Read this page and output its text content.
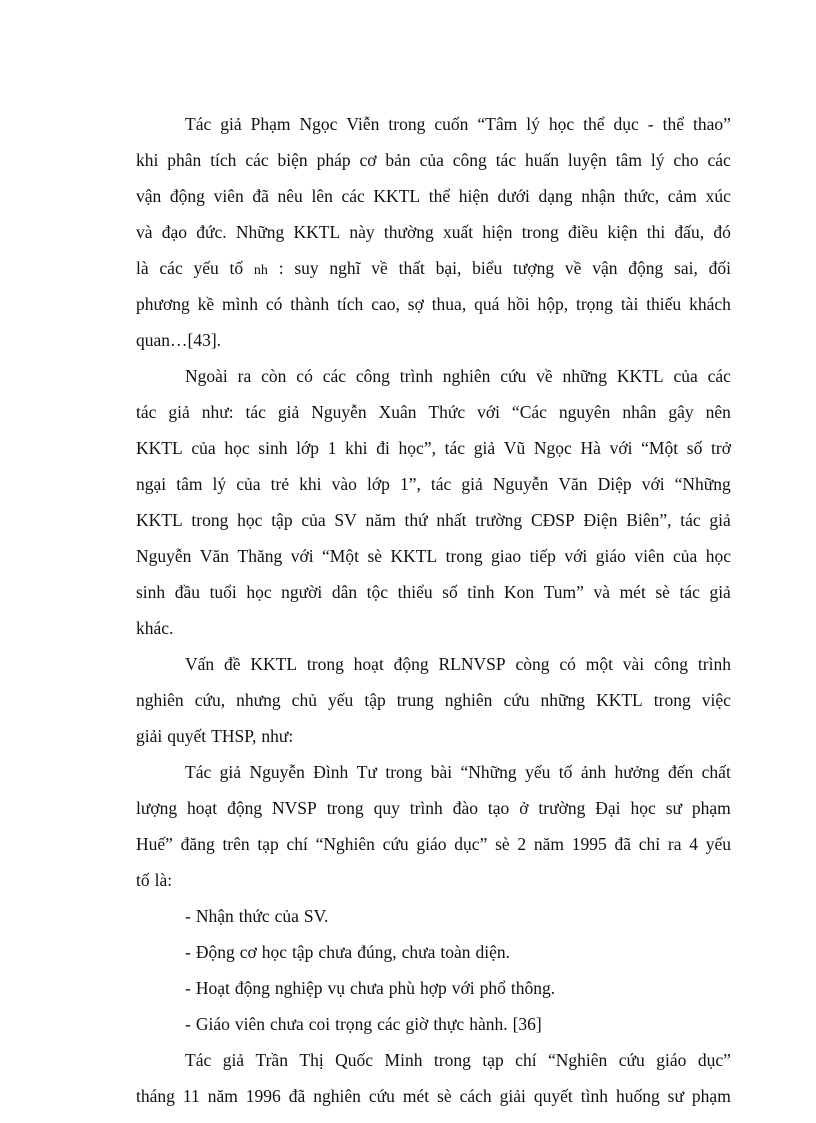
Tác giả Phạm Ngọc Viễn trong cuốn “Tâm lý học thể dục - thể thao”
khi phân tích các biện pháp cơ bản của công tác huấn luyện tâm lý cho các
vận động viên đã nêu lên các KKTL thể hiện dưới dạng nhận thức, cảm xúc
và đạo đức. Những KKTL này thường xuất hiện trong điều kiện thi đấu, đó
là các yếu tố nh : suy nghĩ về thất bại, biểu tượng về vận động sai, đối
phương kề mình có thành tích cao, sợ thua, quá hồi hộp, trọng tài thiếu khách
quan…[43].
Ngoài ra còn có các công trình nghiên cứu về những KKTL của các
tác giả như: tác giả Nguyễn Xuân Thức với “Các nguyên nhân gây nên
KKTL của học sinh lớp 1 khi đi học”, tác giả Vũ Ngọc Hà với “Một số trở
ngại tâm lý của trẻ khi vào lớp 1”, tác giả Nguyễn Văn Diệp với “Những
KKTL trong học tập của SV năm thứ nhất trường CĐSP Điện Biên”, tác giả
Nguyễn Văn Thăng với “Một sè KKTL trong giao tiếp với giáo viên của học
sinh đầu tuổi học người dân tộc thiểu số tỉnh Kon Tum” và mét sè tác giả
khác.
Vấn đề KKTL trong hoạt động RLNVSP còng có một vài công trình
nghiên cứu, nhưng chủ yếu tập trung nghiên cứu những KKTL trong việc
giải quyết THSP, như:
Tác giả Nguyễn Đình Tư trong bài “Những yếu tố ảnh hưởng đến chất
lượng hoạt động NVSP trong quy trình đào tạo ở trường Đại học sư phạm
Huế” đăng trên tạp chí “Nghiên cứu giáo dục” sè 2 năm 1995 đã chỉ ra 4 yếu
tố là:
- Nhận thức của SV.
- Động cơ học tập chưa đúng, chưa toàn diện.
- Hoạt động nghiệp vụ chưa phù hợp với phổ thông.
- Giáo viên chưa coi trọng các giờ thực hành. [36]
Tác giả Trần Thị Quốc Minh trong tạp chí “Nghiên cứu giáo dục”
tháng 11 năm 1996 đã nghiên cứu mét sè cách giải quyết tình huống sư phạm
